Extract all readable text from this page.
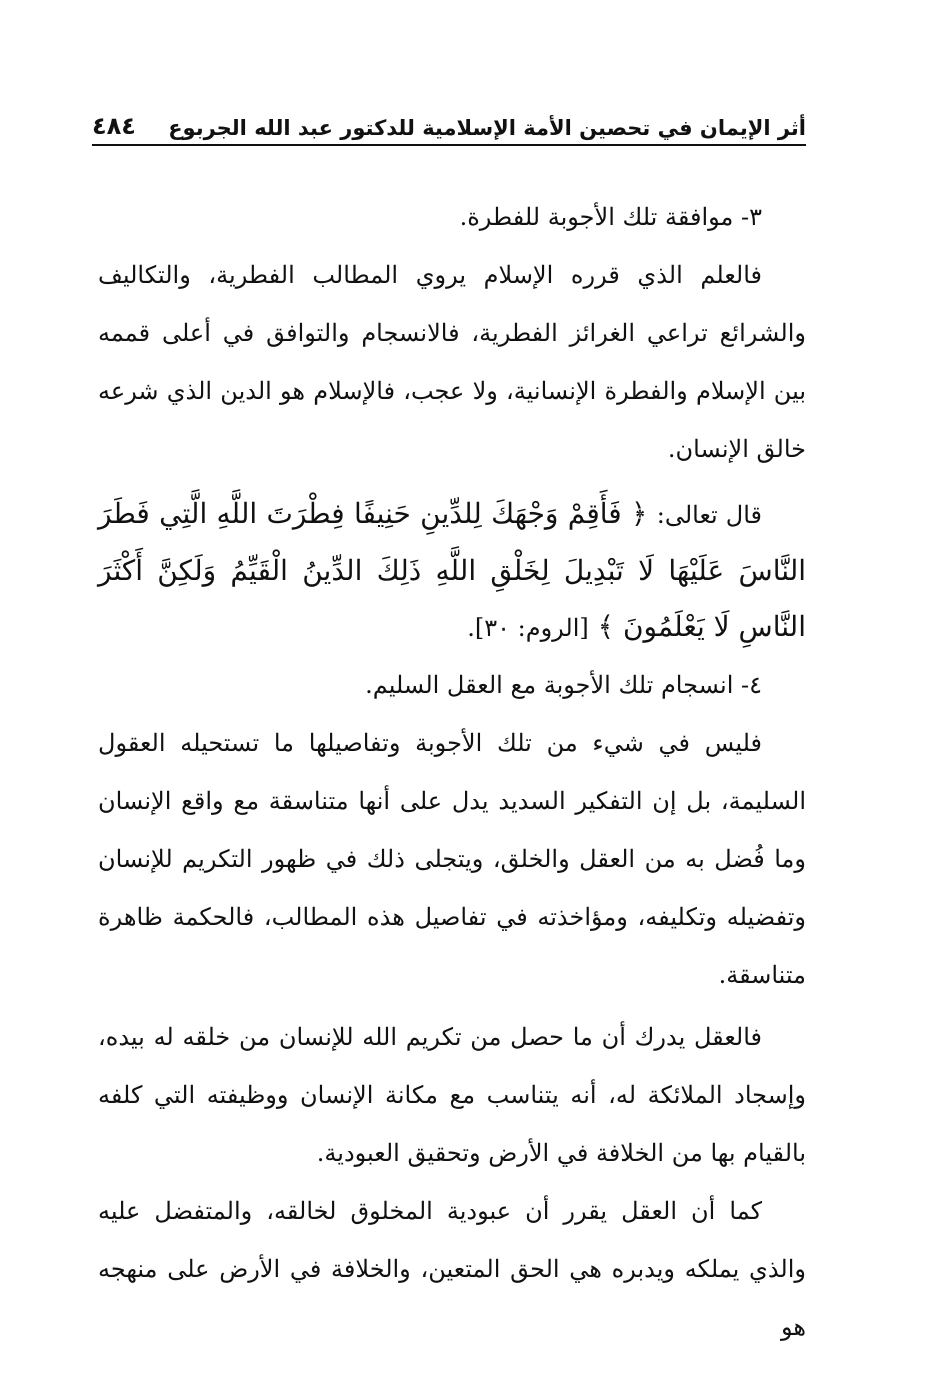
أثر الإيمان في تحصين الأمة الإسلامية للدكتور عبد الله الجربوع
٤٨٤

٣- موافقة تلك الأجوبة للفطرة.

فالعلم الذي قرره الإسلام يروي المطالب الفطرية، والتكاليف والشرائع تراعي الغرائز الفطرية، فالانسجام والتوافق في أعلى قممه بين الإسلام والفطرة الإنسانية، ولا عجب، فالإسلام هو الدين الذي شرعه خالق الإنسان.

قال تعالى: ﴿ فَأَقِمْ وَجْهَكَ لِلدِّينِ حَنِيفًا فِطْرَتَ اللَّهِ الَّتِي فَطَرَ النَّاسَ عَلَيْهَا لَا تَبْدِيلَ لِخَلْقِ اللَّهِ ذَلِكَ الدِّينُ الْقَيِّمُ وَلَكِنَّ أَكْثَرَ النَّاسِ لَا يَعْلَمُونَ ﴾ [الروم: ٣٠].

٤- انسجام تلك الأجوبة مع العقل السليم.

فليس في شيء من تلك الأجوبة وتفاصيلها ما تستحيله العقول السليمة، بل إن التفكير السديد يدل على أنها متناسقة مع واقع الإنسان وما فُضل به من العقل والخلق، ويتجلى ذلك في ظهور التكريم للإنسان وتفضيله وتكليفه، ومؤاخذته في تفاصيل هذه المطالب، فالحكمة ظاهرة متناسقة.

فالعقل يدرك أن ما حصل من تكريم الله للإنسان من خلقه له بيده، وإسجاد الملائكة له، أنه يتناسب مع مكانة الإنسان ووظيفته التي كلفه بالقيام بها من الخلافة في الأرض وتحقيق العبودية.

كما أن العقل يقرر أن عبودية المخلوق لخالقه، والمتفضل عليه والذي يملكه ويدبره هي الحق المتعين، والخلافة في الأرض على منهجه هو
